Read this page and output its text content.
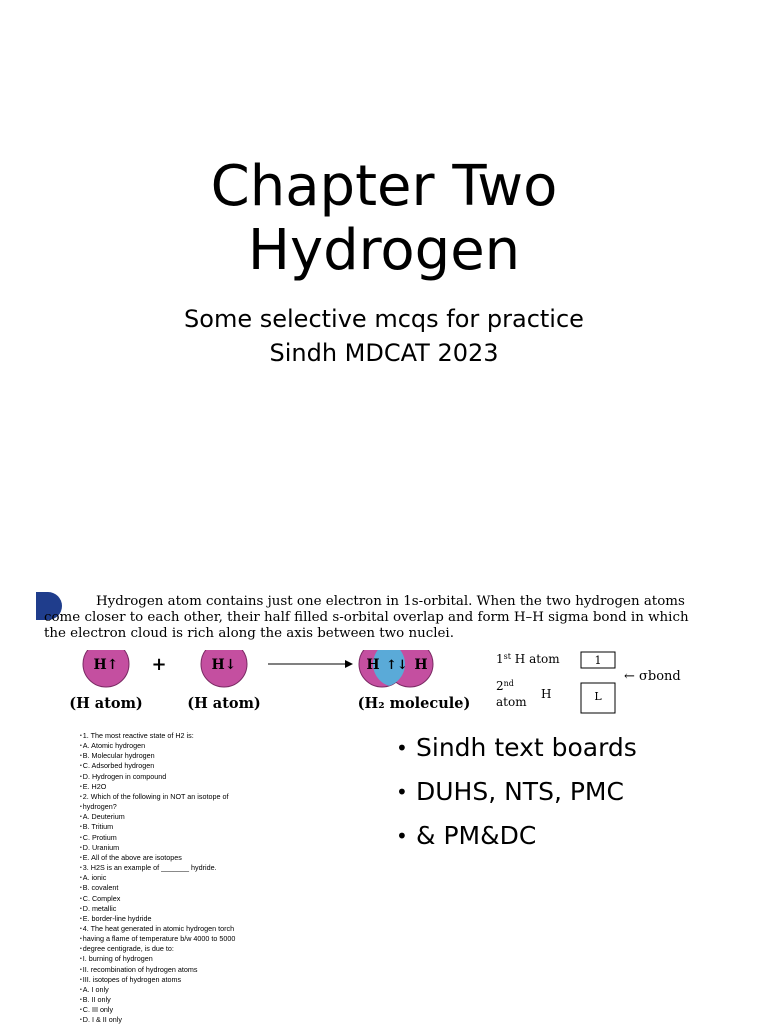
Chapter Two
Hydrogen
Some selective mcqs for practice
Sindh MDCAT 2023
Hydrogen atom contains just one electron in 1s-orbital. When the two hydrogen atoms
come closer to each other, their half filled s-orbital overlap and form H–H sigma bond in which
the electron cloud is rich along the axis between two nuclei.
H↑ +	H↓	H ↑↓ H
(H atom)	(H atom)	(H₂ molecule)
1st H atom	1
← σbond
2nd
atom
H	L
• 1. The most reactive state of H2 is:
• A. Atomic hydrogen
• B. Molecular hydrogen
• C. Adsorbed hydrogen
• D. Hydrogen in compound
• E. H2O
• 2. Which of the following in NOT an isotope of
• hydrogen?
• A. Deuterium
• B. Tritium
• C. Protium
• D. Uranium
• E. All of the above are isotopes
• 3. H2S is an example of _______ hydride.
• A. ionic
• B. covalent
• C. Complex
• D. metallic
• E. border-line hydride
• 4. The heat generated in atomic hydrogen torch
• having a flame of temperature b/w 4000 to 5000
• degree centigrade, is due to:
• I. burning of hydrogen
• II. recombination of hydrogen atoms
• III. isotopes of hydrogen atoms
• A. I only
• B. II only
• C. III only
• D. I & II only
• Sindh text boards
• DUHS, NTS, PMC
• & PM&DC
